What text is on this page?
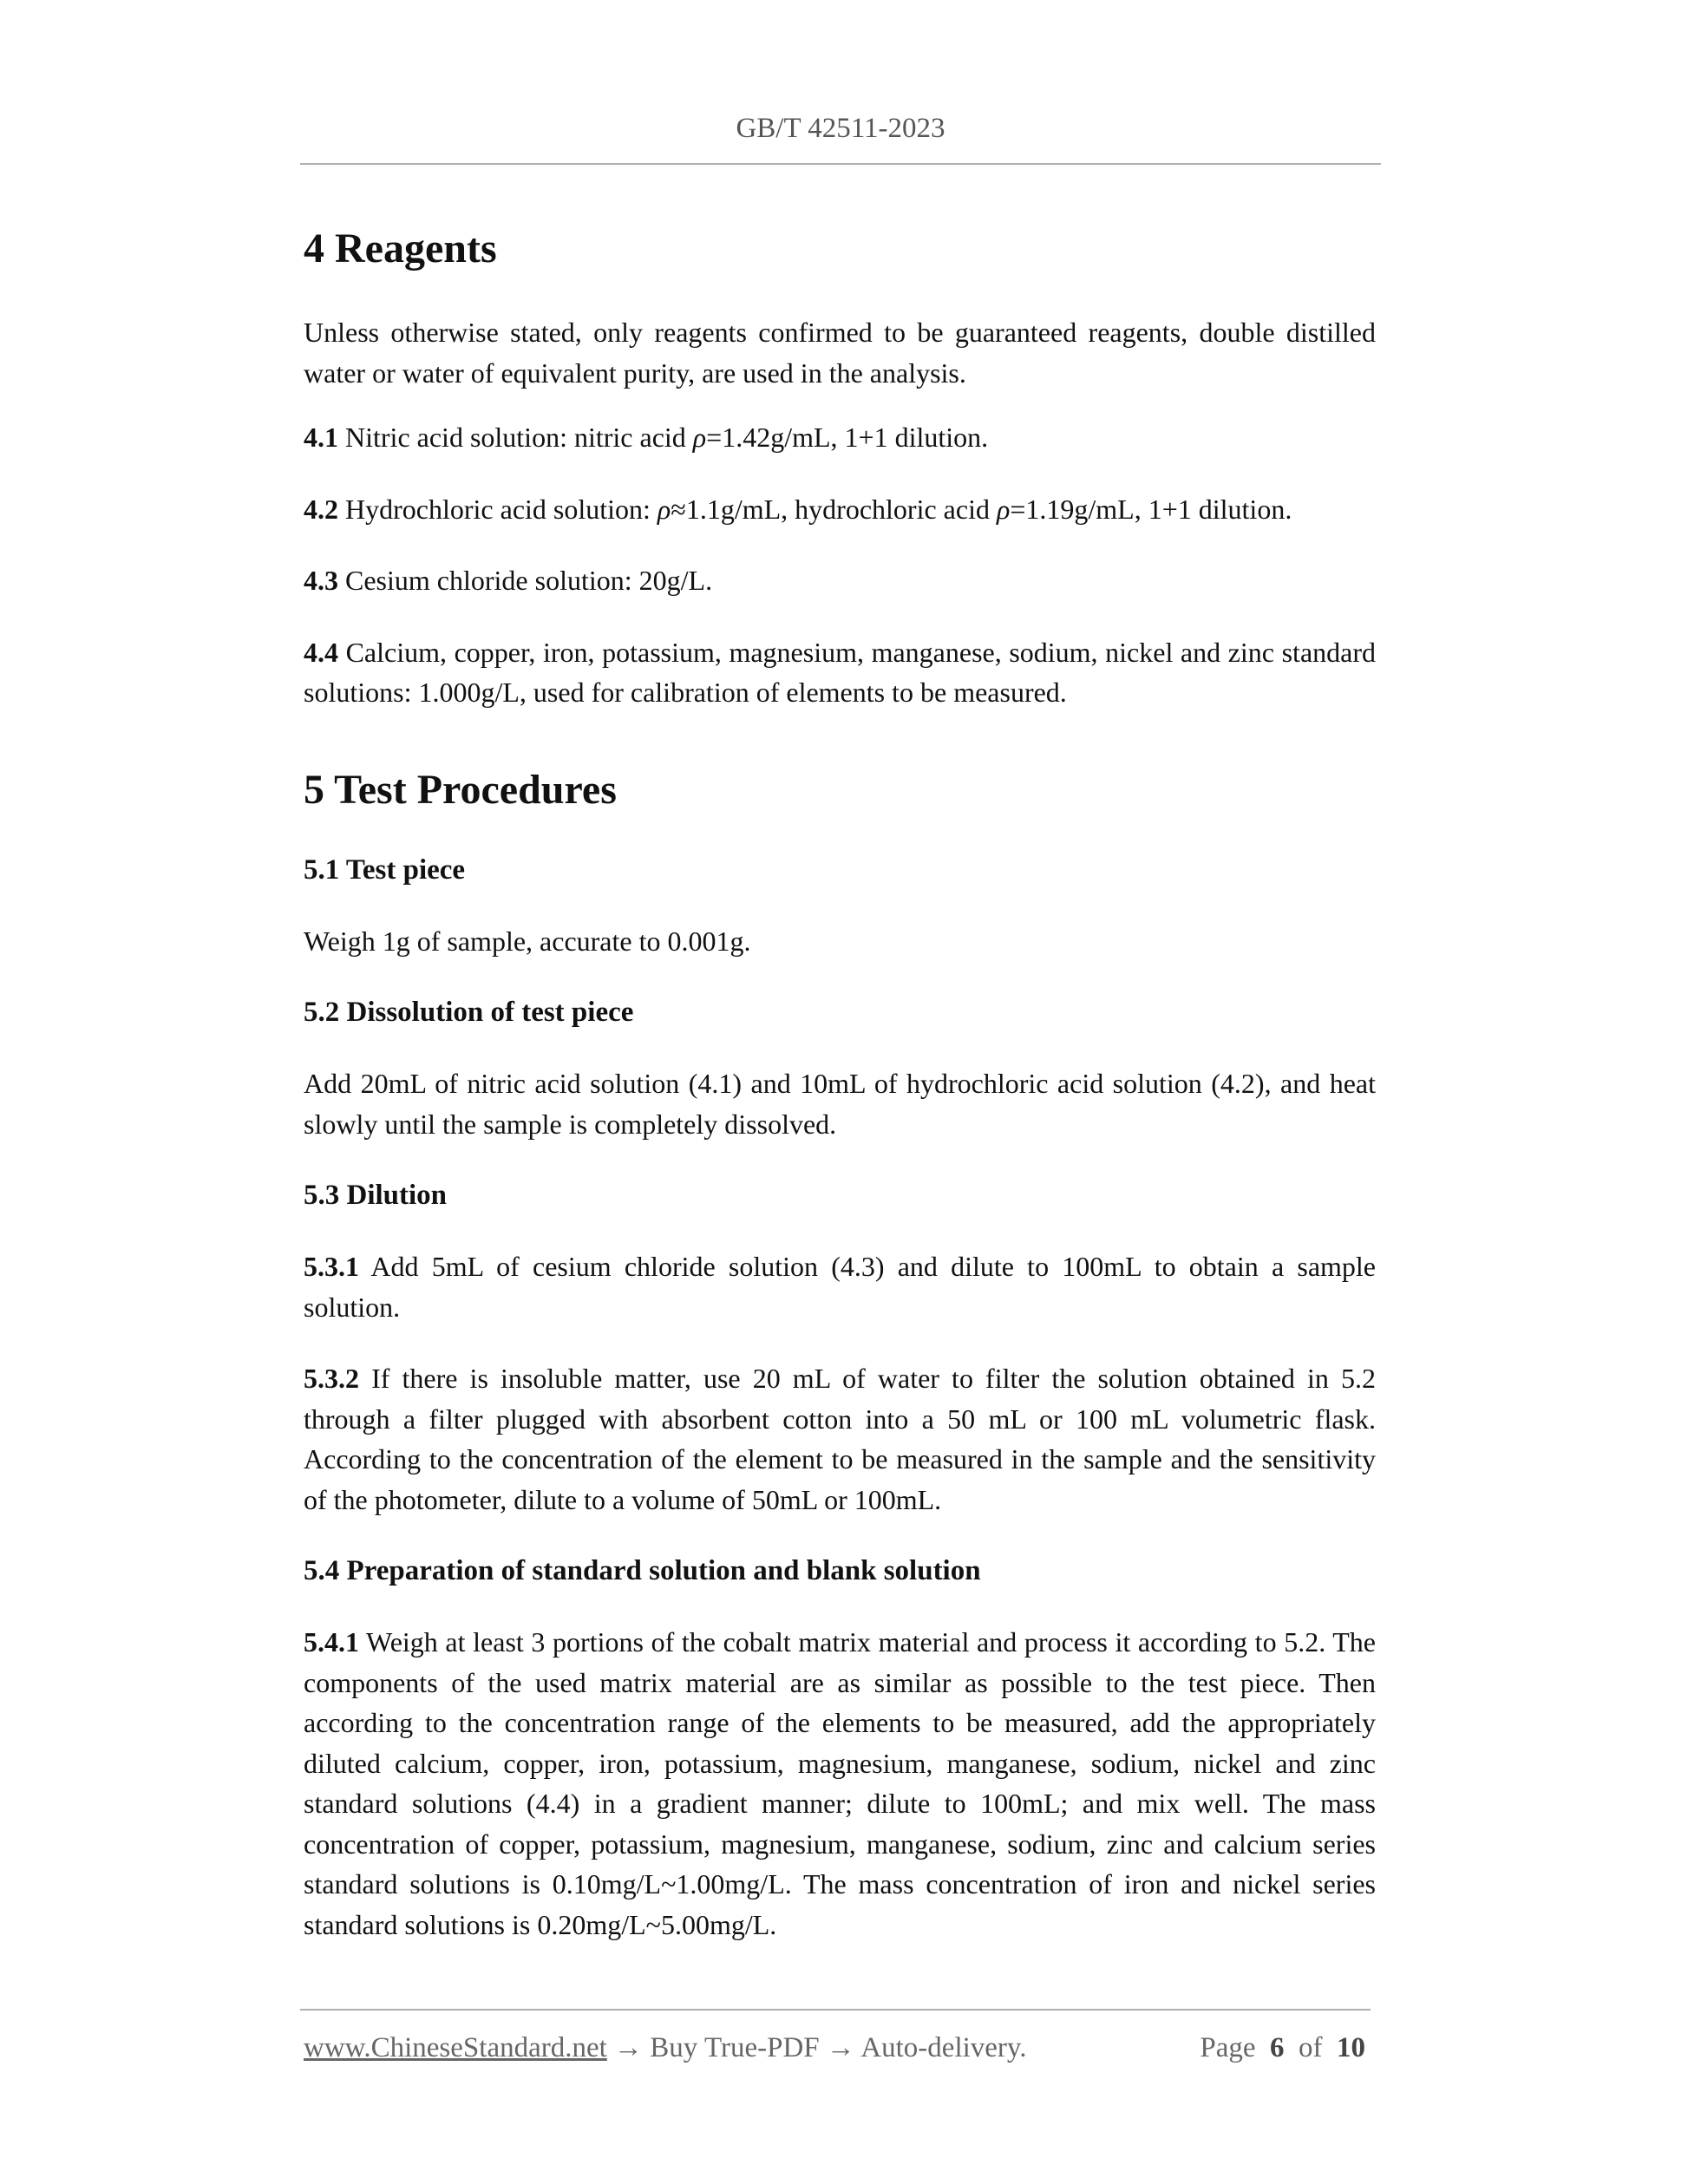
GB/T 42511-2023
4 Reagents

Unless otherwise stated, only reagents confirmed to be guaranteed reagents, double distilled water or water of equivalent purity, are used in the analysis.

4.1 Nitric acid solution: nitric acid ρ=1.42g/mL, 1+1 dilution.

4.2 Hydrochloric acid solution: ρ≈1.1g/mL, hydrochloric acid ρ=1.19g/mL, 1+1 dilution.

4.3 Cesium chloride solution: 20g/L.

4.4 Calcium, copper, iron, potassium, magnesium, manganese, sodium, nickel and zinc standard solutions: 1.000g/L, used for calibration of elements to be measured.

5 Test Procedures
5.1 Test piece

Weigh 1g of sample, accurate to 0.001g.

5.2 Dissolution of test piece

Add 20mL of nitric acid solution (4.1) and 10mL of hydrochloric acid solution (4.2), and heat slowly until the sample is completely dissolved.

5.3 Dilution

5.3.1 Add 5mL of cesium chloride solution (4.3) and dilute to 100mL to obtain a sample solution.

5.3.2 If there is insoluble matter, use 20 mL of water to filter the solution obtained in 5.2 through a filter plugged with absorbent cotton into a 50 mL or 100 mL volumetric flask. According to the concentration of the element to be measured in the sample and the sensitivity of the photometer, dilute to a volume of 50mL or 100mL.

5.4 Preparation of standard solution and blank solution

5.4.1 Weigh at least 3 portions of the cobalt matrix material and process it according to 5.2. The components of the used matrix material are as similar as possible to the test piece. Then according to the concentration range of the elements to be measured, add the appropriately diluted calcium, copper, iron, potassium, magnesium, manganese, sodium, nickel and zinc standard solutions (4.4) in a gradient manner; dilute to 100mL; and mix well. The mass concentration of copper, potassium, magnesium, manganese, sodium, zinc and calcium series standard solutions is 0.10mg/L~1.00mg/L. The mass concentration of iron and nickel series standard solutions is 0.20mg/L~5.00mg/L.

www.ChineseStandard.net → Buy True-PDF → Auto-delivery.	Page 6 of 10
